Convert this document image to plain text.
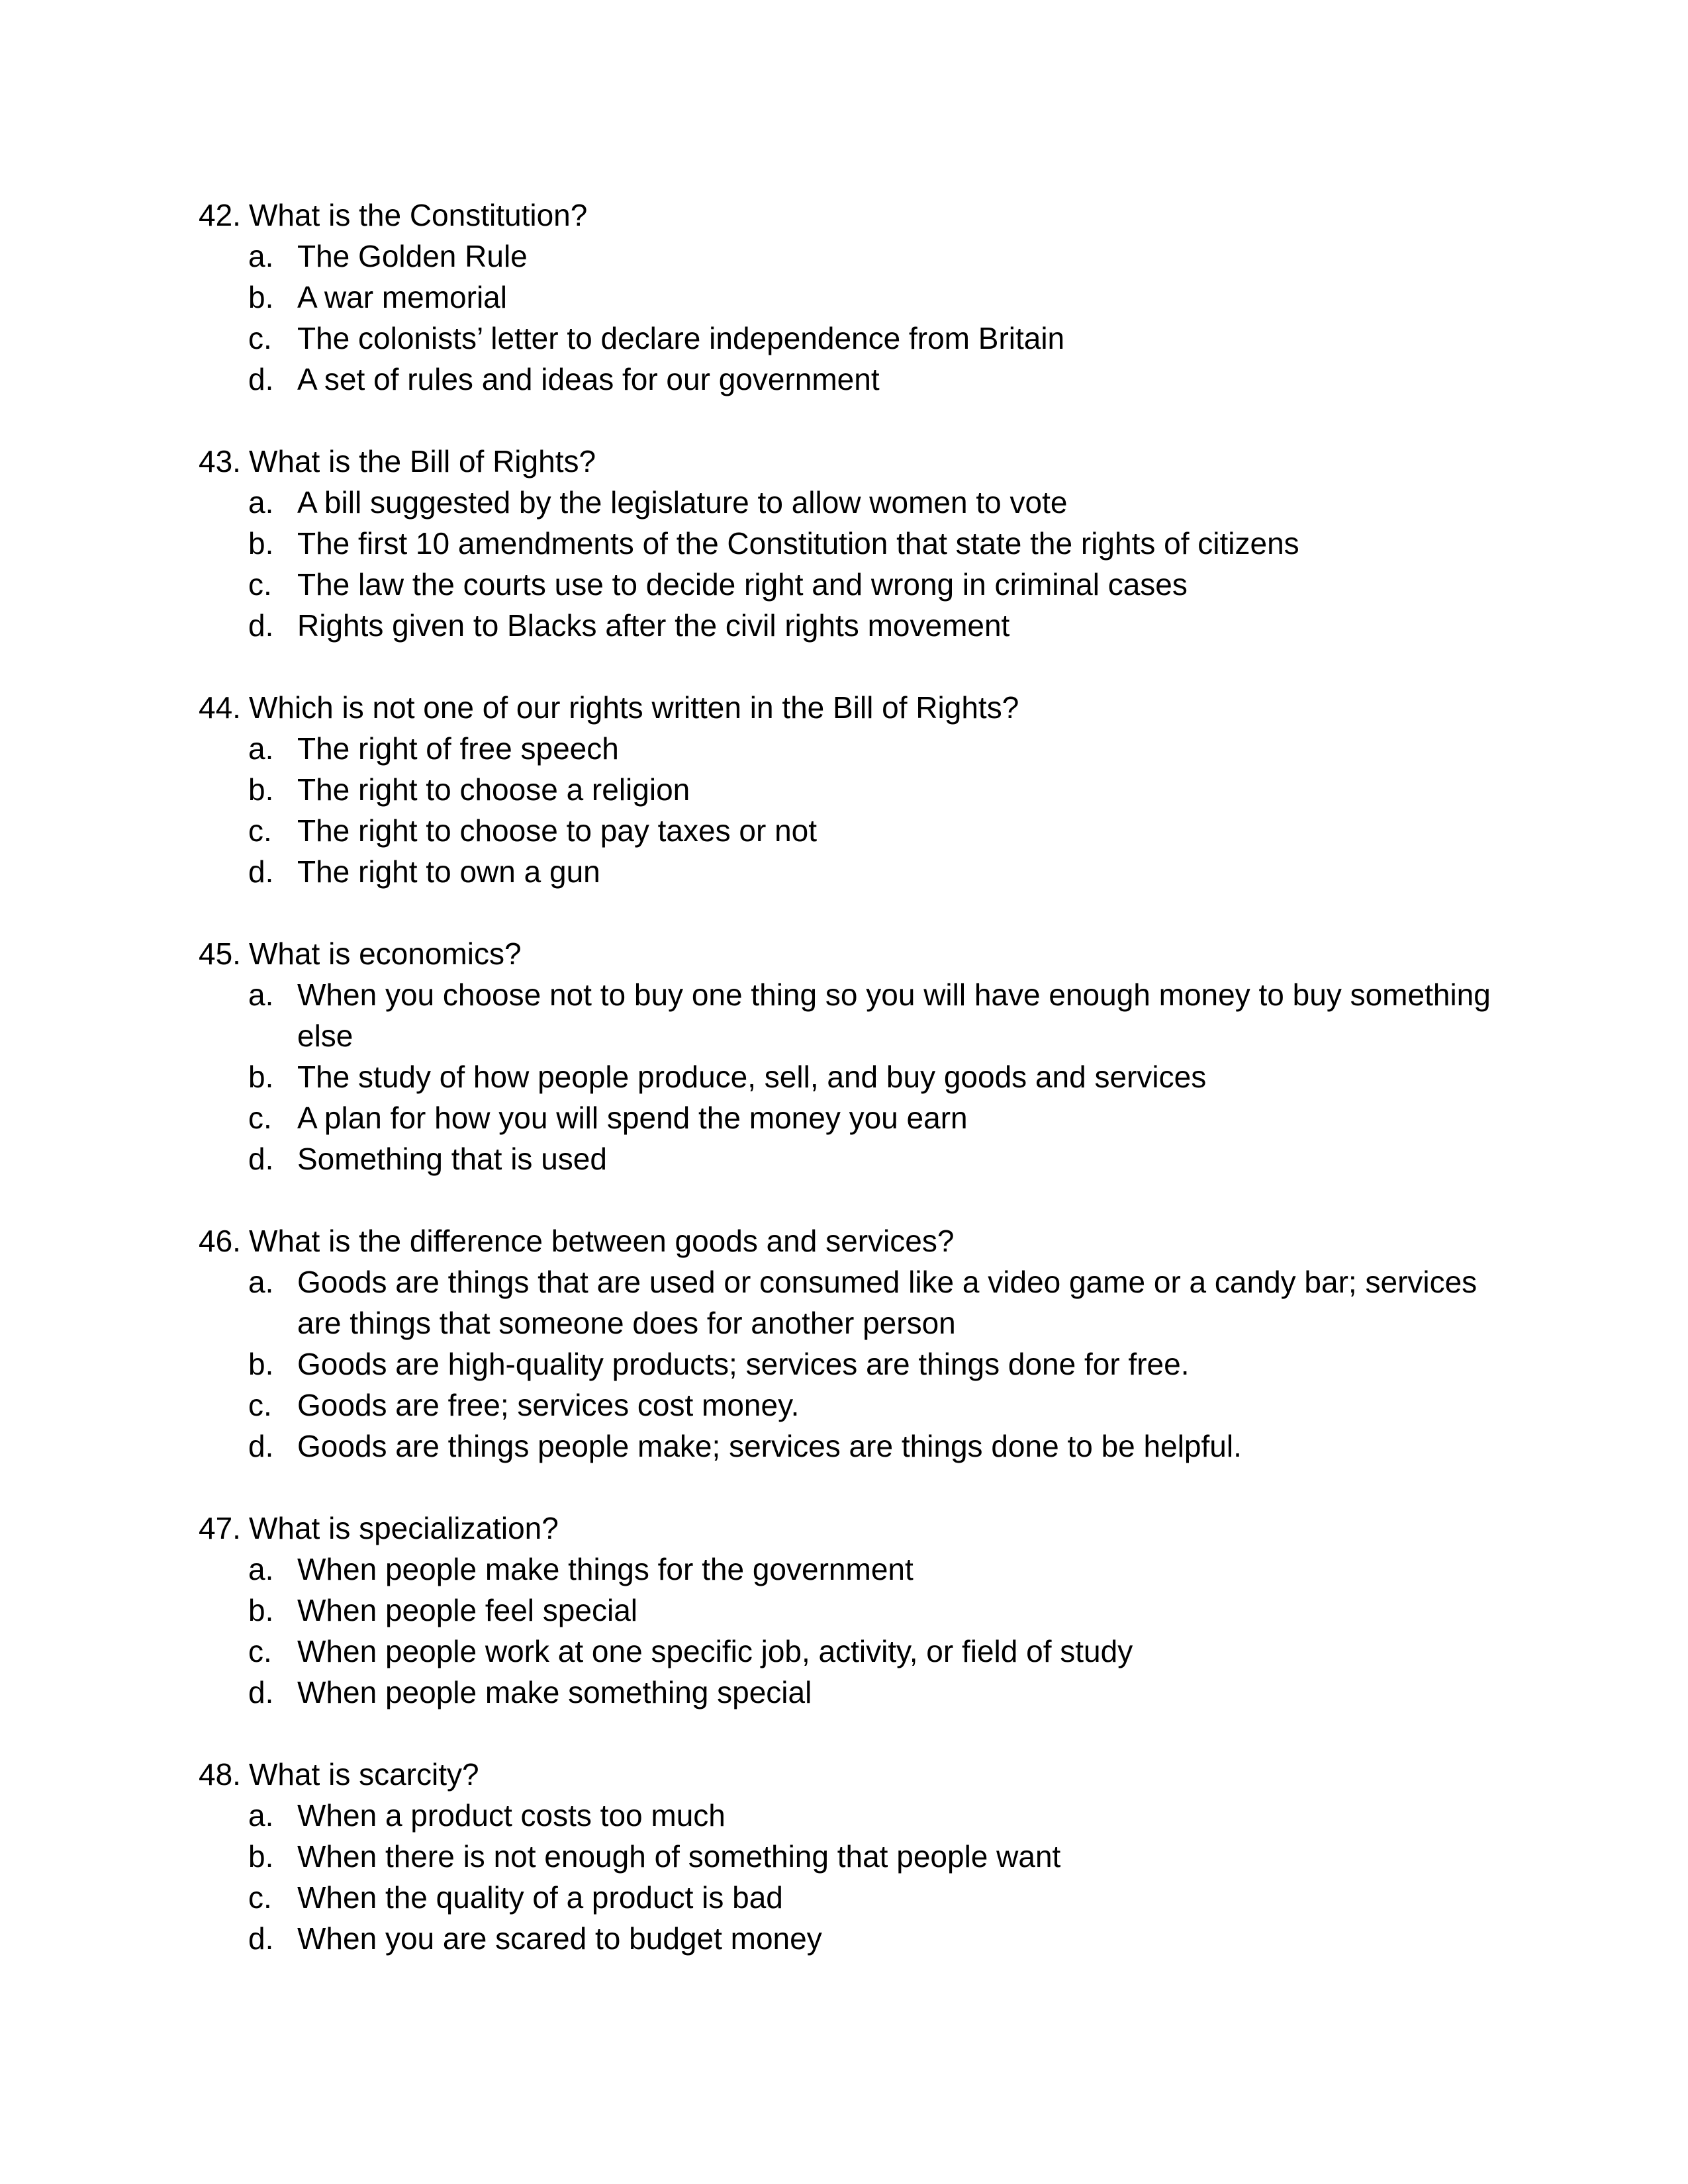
42. What is the Constitution?
a. The Golden Rule
b. A war memorial
c. The colonists’ letter to declare independence from Britain
d. A set of rules and ideas for our government
43. What is the Bill of Rights?
a. A bill suggested by the legislature to allow women to vote
b. The first 10 amendments of the Constitution that state the rights of citizens
c. The law the courts use to decide right and wrong in criminal cases
d. Rights given to Blacks after the civil rights movement
44. Which is not one of our rights written in the Bill of Rights?
a. The right of free speech
b. The right to choose a religion
c. The right to choose to pay taxes or not
d. The right to own a gun
45. What is economics?
a. When you choose not to buy one thing so you will have enough money to buy something else
b. The study of how people produce, sell, and buy goods and services
c. A plan for how you will spend the money you earn
d. Something that is used
46. What is the difference between goods and services?
a. Goods are things that are used or consumed like a video game or a candy bar; services are things that someone does for another person
b. Goods are high-quality products; services are things done for free.
c. Goods are free; services cost money.
d. Goods are things people make; services are things done to be helpful.
47. What is specialization?
a. When people make things for the government
b. When people feel special
c. When people work at one specific job, activity, or field of study
d. When people make something special
48. What is scarcity?
a. When a product costs too much
b. When there is not enough of something that people want
c. When the quality of a product is bad
d. When you are scared to budget money
